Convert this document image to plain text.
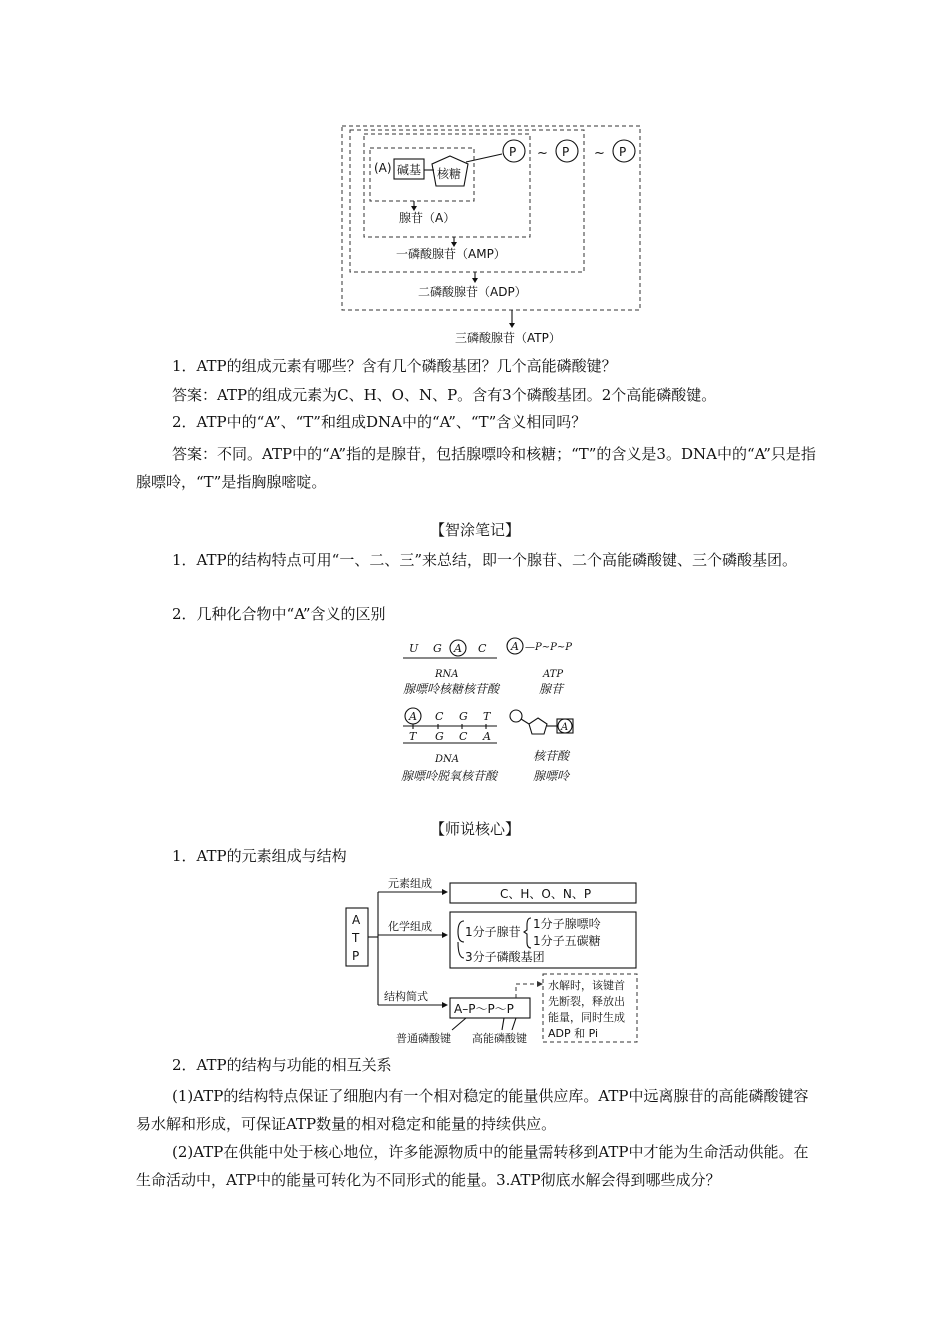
(A) 碱基 核糖
P ~ P ~ P
腺苷（A）
一磷酸腺苷（AMP）
二磷酸腺苷（ADP）
三磷酸腺苷（ATP）
1．ATP的组成元素有哪些？含有几个磷酸基团？几个高能磷酸键？
答案：ATP的组成元素为C、H、O、N、P。含有3个磷酸基团。2个高能磷酸键。
2．ATP中的“A”、“T”和组成DNA中的“A”、“T”含义相同吗？
答案：不同。ATP中的“A”指的是腺苷，包括腺嘌呤和核糖；“T”的含义是3。DNA中的“A”只是指腺嘌呤，“T”是指胸腺嘧啶。
【智涂笔记】
1．ATP的结构特点可用“一、二、三”来总结，即一个腺苷、二个高能磷酸键、三个磷酸基团。
2．几种化合物中“A”含义的区别
U G A C
RNA
腺嘌呤核糖核苷酸
A —P~P~P
ATP
腺苷
A C G T
T G C A
DNA
腺嘌呤脱氧核苷酸
A
核苷酸
腺嘌呤
【师说核心】
1．ATP的元素组成与结构
A
T
P
元素组成
化学组成
结构简式
C、H、O、N、P
1分子腺苷
1分子腺嘌呤
1分子五碳糖
3分子磷酸基团
A–P～P～P
水解时，该键首
先断裂，释放出
能量，同时生成
ADP 和 Pi
普通磷酸键 高能磷酸键
2．ATP的结构与功能的相互关系
(1)ATP的结构特点保证了细胞内有一个相对稳定的能量供应库。ATP中远离腺苷的高能磷酸键容易水解和形成，可保证ATP数量的相对稳定和能量的持续供应。
(2)ATP在供能中处于核心地位，许多能源物质中的能量需转移到ATP中才能为生命活动供能。在生命活动中，ATP中的能量可转化为不同形式的能量。3.ATP彻底水解会得到哪些成分？
